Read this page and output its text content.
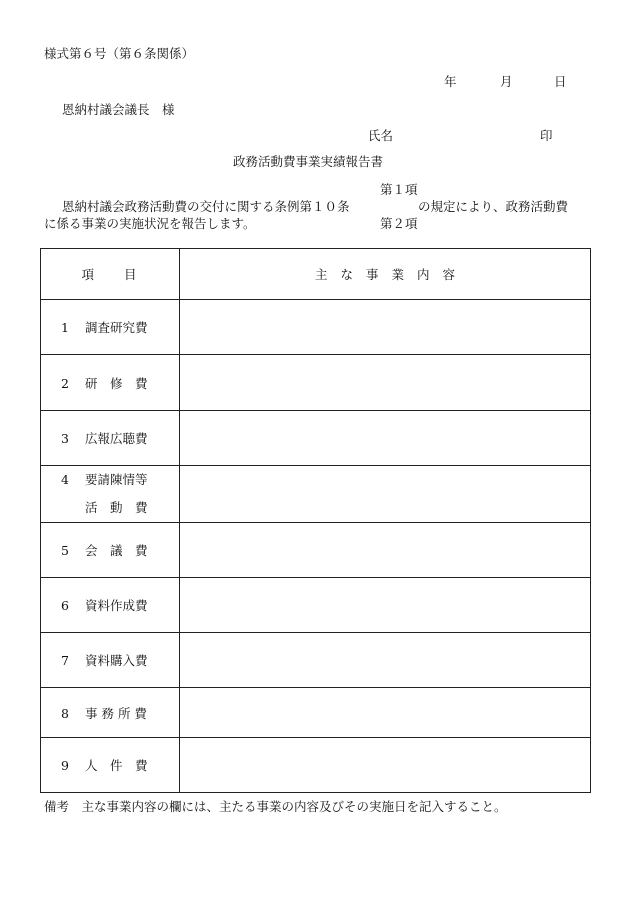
様式第６号（第６条関係）
年	月	日
恩納村議会議長　様
氏名	印
政務活動費事業実績報告書
第１項
恩納村議会政務活動費の交付に関する条例第１０条	の規定により、政務活動費
に係る事業の実施状況を報告します。	第２項
項目	主な事業内容
1 調査研究費	
2 研　修　費	
3 広報広聴費	

4 要請陳情等
活　動　費	

5 会　議　費	
6 資料作成費	
7 資料購入費	
8 事 務 所 費	
9 人　件　費	
備考　主な事業内容の欄には、主たる事業の内容及びその実施日を記入すること。
